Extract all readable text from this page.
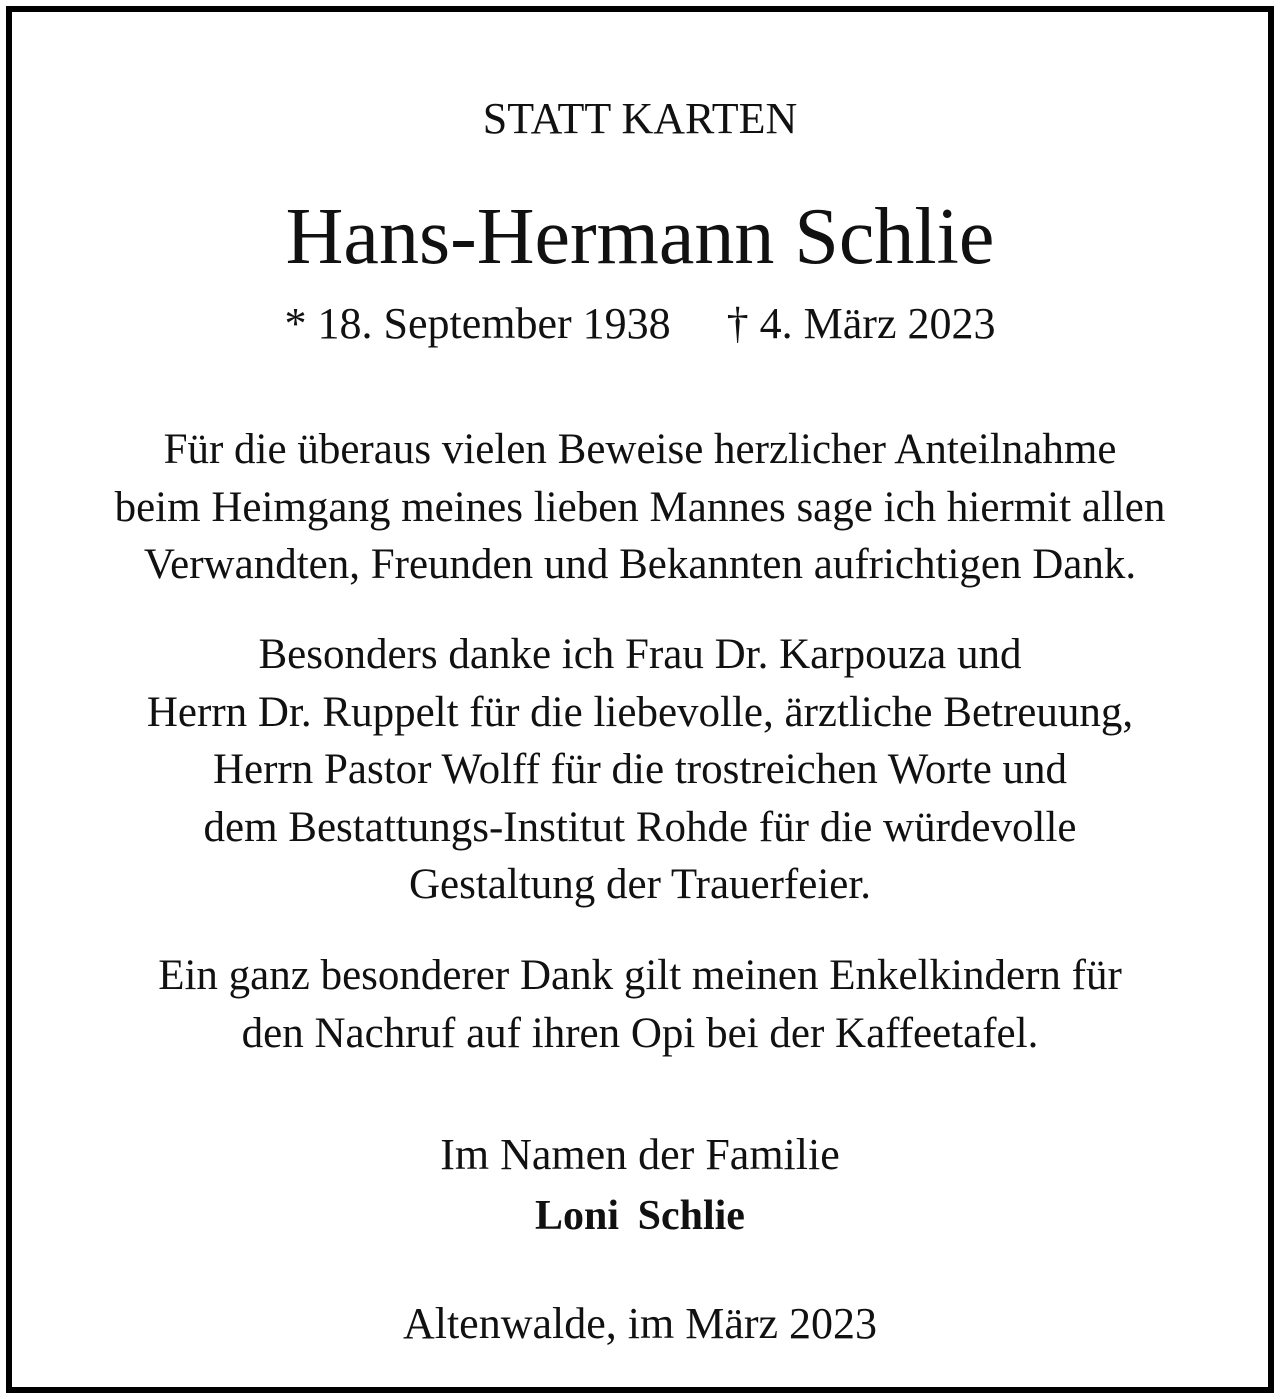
STATT KARTEN

Hans-Hermann Schlie

* 18. September 1938 † 4. März 2023
Für die überaus vielen Beweise herzlicher Anteilnahme
beim Heimgang meines lieben Mannes sage ich hiermit allen
Verwandten, Freunden und Bekannten aufrichtigen Dank.
Besonders danke ich Frau Dr. Karpouza und
Herrn Dr. Ruppelt für die liebevolle, ärztliche Betreuung,
Herrn Pastor Wolff für die trostreichen Worte und
dem Bestattungs-Institut Rohde für die würdevolle
Gestaltung der Trauerfeier.
Ein ganz besonderer Dank gilt meinen Enkelkindern für
den Nachruf auf ihren Opi bei der Kaffeetafel.

Im Namen der Familie

Loni Schlie

Altenwalde, im März 2023
